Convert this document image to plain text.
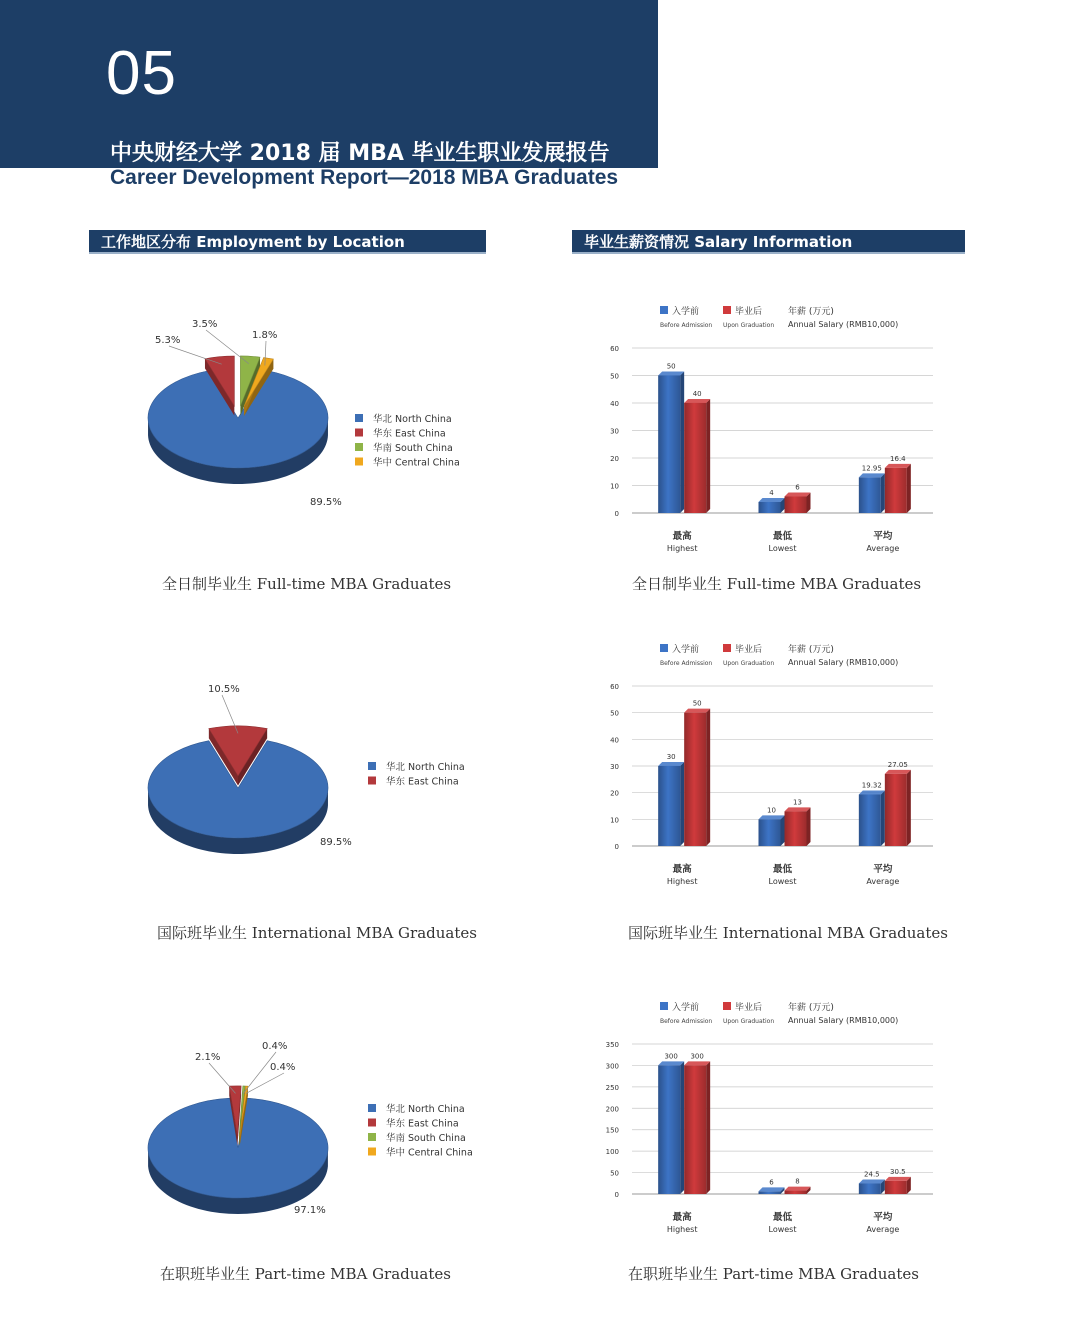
05
中央财经大学 2018 届 MBA 毕业生职业发展报告
Career Development Report—2018 MBA Graduates
工作地区分布 Employment by Location	毕业生薪资情况 Salary Information
89.5%
5.3%
3.5%
1.8%
华北 North China
华东 East China
华南 South China
华中 Central China
入学前
Before Admission
毕业后
Upon Graduation
年薪 (万元)
Annual Salary (RMB10,000)
0
10
20
30
40
50
60
50
40
4
6
12.95
16.4
最高
Highest
最低
Lowest
平均
Average
89.5%
10.5%
华北 North China
华东 East China
入学前
Before Admission
毕业后
Upon Graduation
年薪 (万元)
Annual Salary (RMB10,000)
0
10
20
30
40
50
60
30
50
10
13
19.32
27.05
最高
Highest
最低
Lowest
平均
Average
97.1%
2.1%
0.4%
0.4%
华北 North China
华东 East China
华南 South China
华中 Central China
入学前
Before Admission
毕业后
Upon Graduation
年薪 (万元)
Annual Salary (RMB10,000)
0
50
100
150
200
250
300
350
300 300
6	8
24.5 30.5
最高
Highest
最低
Lowest
平均
Average
全日制毕业生 Full-time MBA Graduates	全日制毕业生 Full-time MBA Graduates
国际班毕业生 International MBA Graduates	国际班毕业生 International MBA Graduates
在职班毕业生 Part-time MBA Graduates	在职班毕业生 Part-time MBA Graduates
